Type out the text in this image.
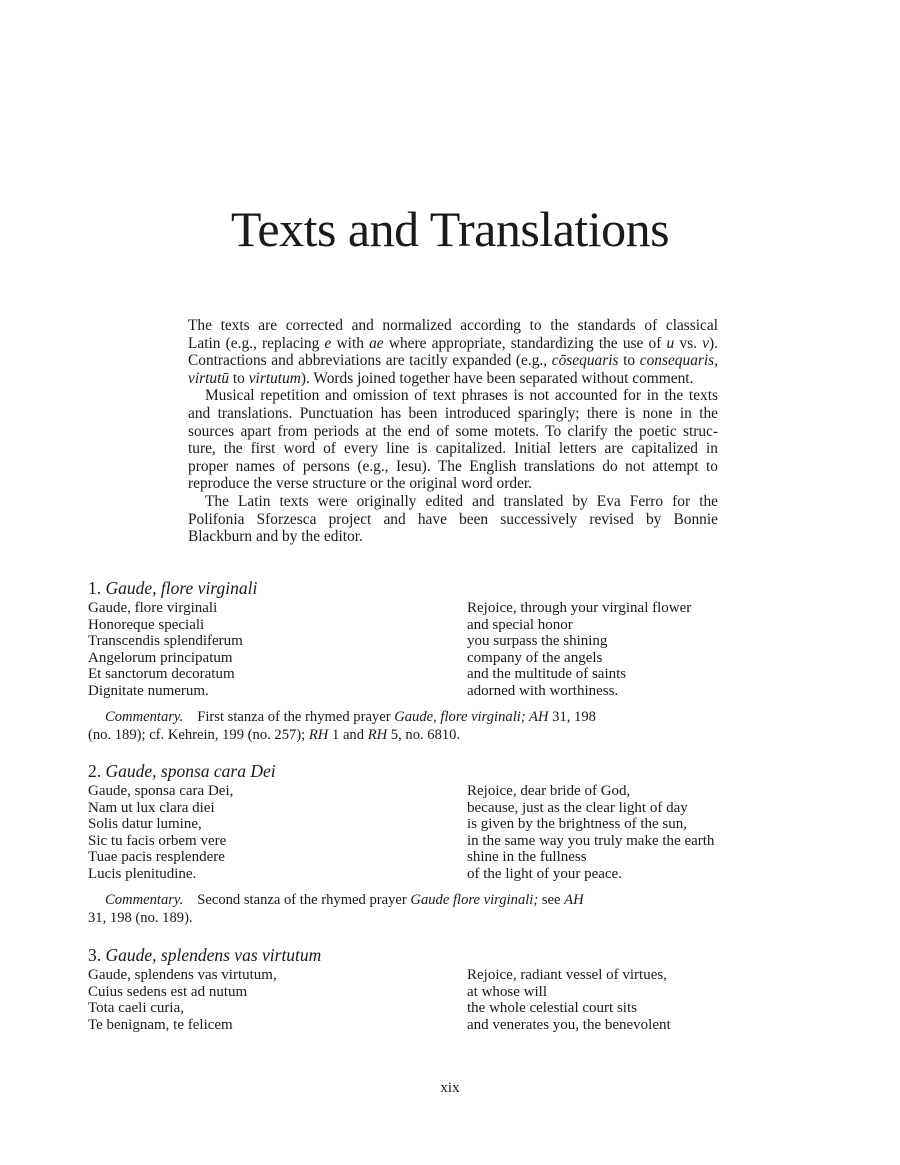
Texts and Translations
The texts are corrected and normalized according to the standards of classical
Latin (e.g., replacing e with ae where appropriate, standardizing the use of u vs. v).
Contractions and abbreviations are tacitly expanded (e.g., cōsequaris to consequaris,
virtutū to virtutum). Words joined together have been separated without comment.
Musical repetition and omission of text phrases is not accounted for in the texts
and translations. Punctuation has been introduced sparingly; there is none in the
sources apart from periods at the end of some motets. To clarify the poetic struc-
ture, the first word of every line is capitalized. Initial letters are capitalized in
proper names of persons (e.g., Iesu). The English translations do not attempt to
reproduce the verse structure or the original word order.
The Latin texts were originally edited and translated by Eva Ferro for the
Polifonia Sforzesca project and have been successively revised by Bonnie
Blackburn and by the editor.
1. Gaude, flore virginali
Gaude, flore virginali
Honoreque speciali
Transcendis splendiferum
Angelorum principatum
Et sanctorum decoratum
Dignitate numerum.
Rejoice, through your virginal flower
and special honor
you surpass the shining
company of the angels
and the multitude of saints
adorned with worthiness.
Commentary. First stanza of the rhymed prayer Gaude, flore virginali; AH 31, 198
(no. 189); cf. Kehrein, 199 (no. 257); RH 1 and RH 5, no. 6810.
2. Gaude, sponsa cara Dei
Gaude, sponsa cara Dei,
Nam ut lux clara diei
Solis datur lumine,
Sic tu facis orbem vere
Tuae pacis resplendere
Lucis plenitudine.
Rejoice, dear bride of God,
because, just as the clear light of day
is given by the brightness of the sun,
in the same way you truly make the earth
shine in the fullness
of the light of your peace.
Commentary. Second stanza of the rhymed prayer Gaude flore virginali; see AH
31, 198 (no. 189).
3. Gaude, splendens vas virtutum
Gaude, splendens vas virtutum,
Cuius sedens est ad nutum
Tota caeli curia,
Te benignam, te felicem
Rejoice, radiant vessel of virtues,
at whose will
the whole celestial court sits
and venerates you, the benevolent
xix
